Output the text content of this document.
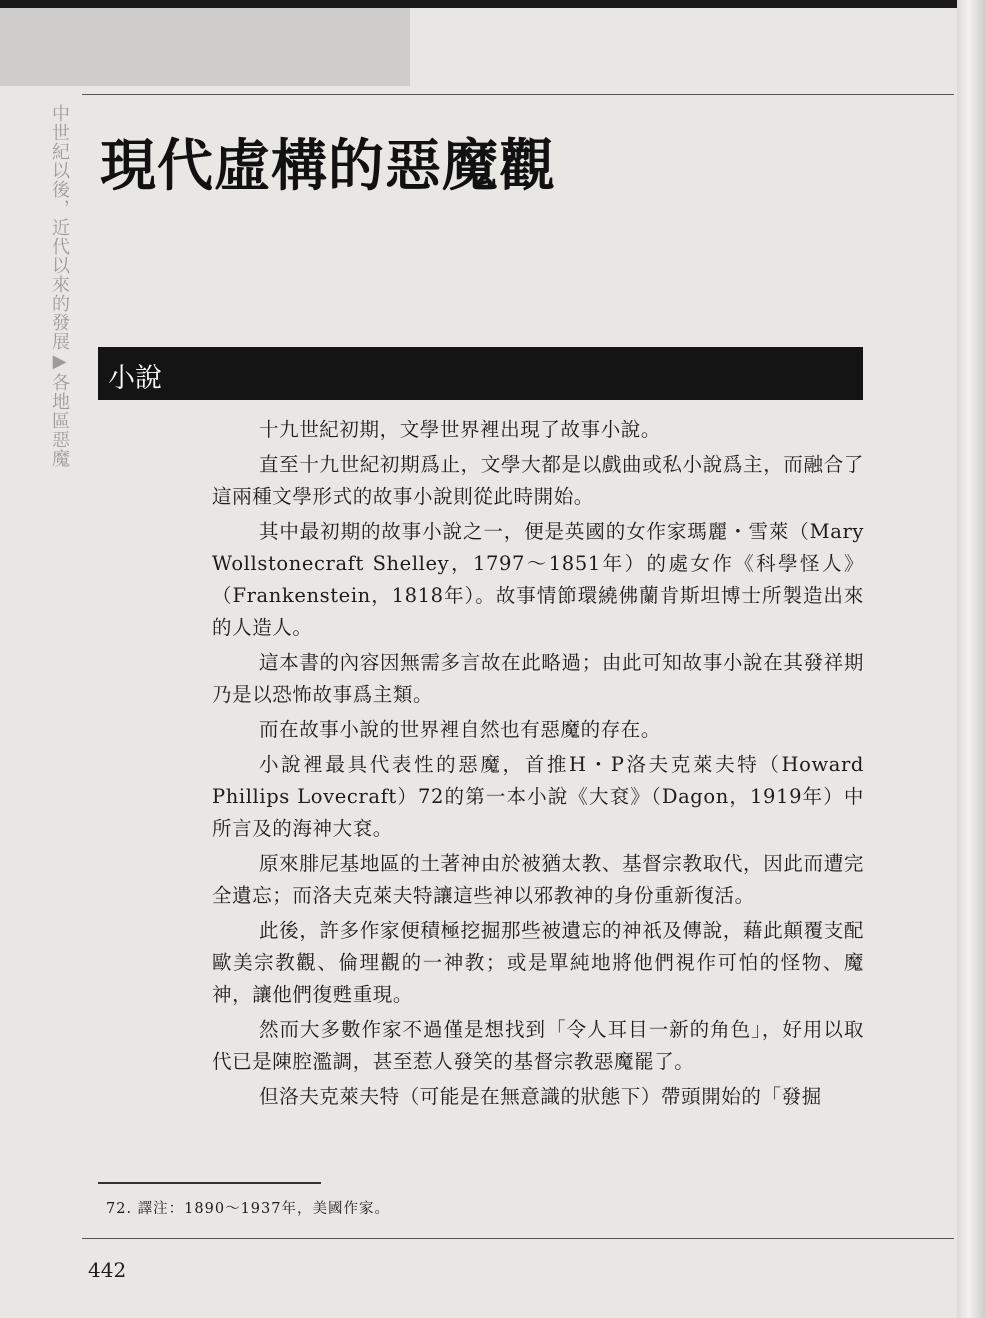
中世紀以後，近代以來的發展▶各地區惡魔 現代虛構的惡魔觀
小說

十九世紀初期，文學世界裡出現了故事小說。

直至十九世紀初期爲止，文學大都是以戲曲或私小說爲主，而融合了這兩種文學形式的故事小說則從此時開始。

其中最初期的故事小說之一，便是英國的女作家瑪麗・雪萊（Mary Wollstonecraft Shelley，1797～1851年）的處女作《科學怪人》（Frankenstein，1818年）。故事情節環繞佛蘭肯斯坦博士所製造出來的人造人。

這本書的內容因無需多言故在此略過；由此可知故事小說在其發祥期乃是以恐怖故事爲主類。

而在故事小說的世界裡自然也有惡魔的存在。

小說裡最具代表性的惡魔，首推H・P洛夫克萊夫特（Howard Phillips Lovecraft）72的第一本小說《大袞》（Dagon，1919年）中所言及的海神大袞。

原來腓尼基地區的土著神由於被猶太教、基督宗教取代，因此而遭完全遺忘；而洛夫克萊夫特讓這些神以邪教神的身份重新復活。

此後，許多作家便積極挖掘那些被遺忘的神祇及傳說，藉此顛覆支配歐美宗教觀、倫理觀的一神教；或是單純地將他們視作可怕的怪物、魔神，讓他們復甦重現。

然而大多數作家不過僅是想找到「令人耳目一新的角色」，好用以取代已是陳腔濫調，甚至惹人發笑的基督宗教惡魔罷了。

但洛夫克萊夫特（可能是在無意識的狀態下）帶頭開始的「發掘

72. 譯注：1890～1937年，美國作家。
442
